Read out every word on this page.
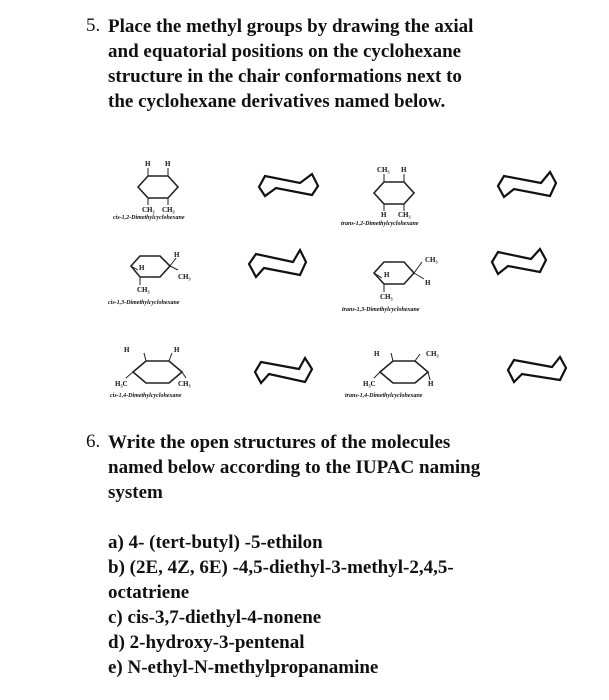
5. Place the methyl groups by drawing the axial
and equatorial positions on the cyclohexane
structure in the chair conformations next to
the cyclohexane derivatives named below.
H H
CH₃ CH₃
cis-1,2-Dimethylcyclohexane
CH₃ H
H CH₃
trans-1,2-Dimethylcyclohexane
H
CH₃
H
CH₃
cis-1,3-Dimethylcyclohexane
CH₃
H
H
CH₃
trans-1,3-Dimethylcyclohexane
H	H
H₃C	CH₃
cis-1,4-Dimethylcyclohexane
H	CH₃
H₃C	H
trans-1,4-Dimethylcyclohexane
6. Write the open structures of the molecules
named below according to the IUPAC naming
system
a) 4- (tert-butyl) -5-ethilon
b) (2E, 4Z, 6E) -4,5-diethyl-3-methyl-2,4,5-
octatriene
c) cis-3,7-diethyl-4-nonene
d) 2-hydroxy-3-pentenal
e) N-ethyl-N-methylpropanamine
